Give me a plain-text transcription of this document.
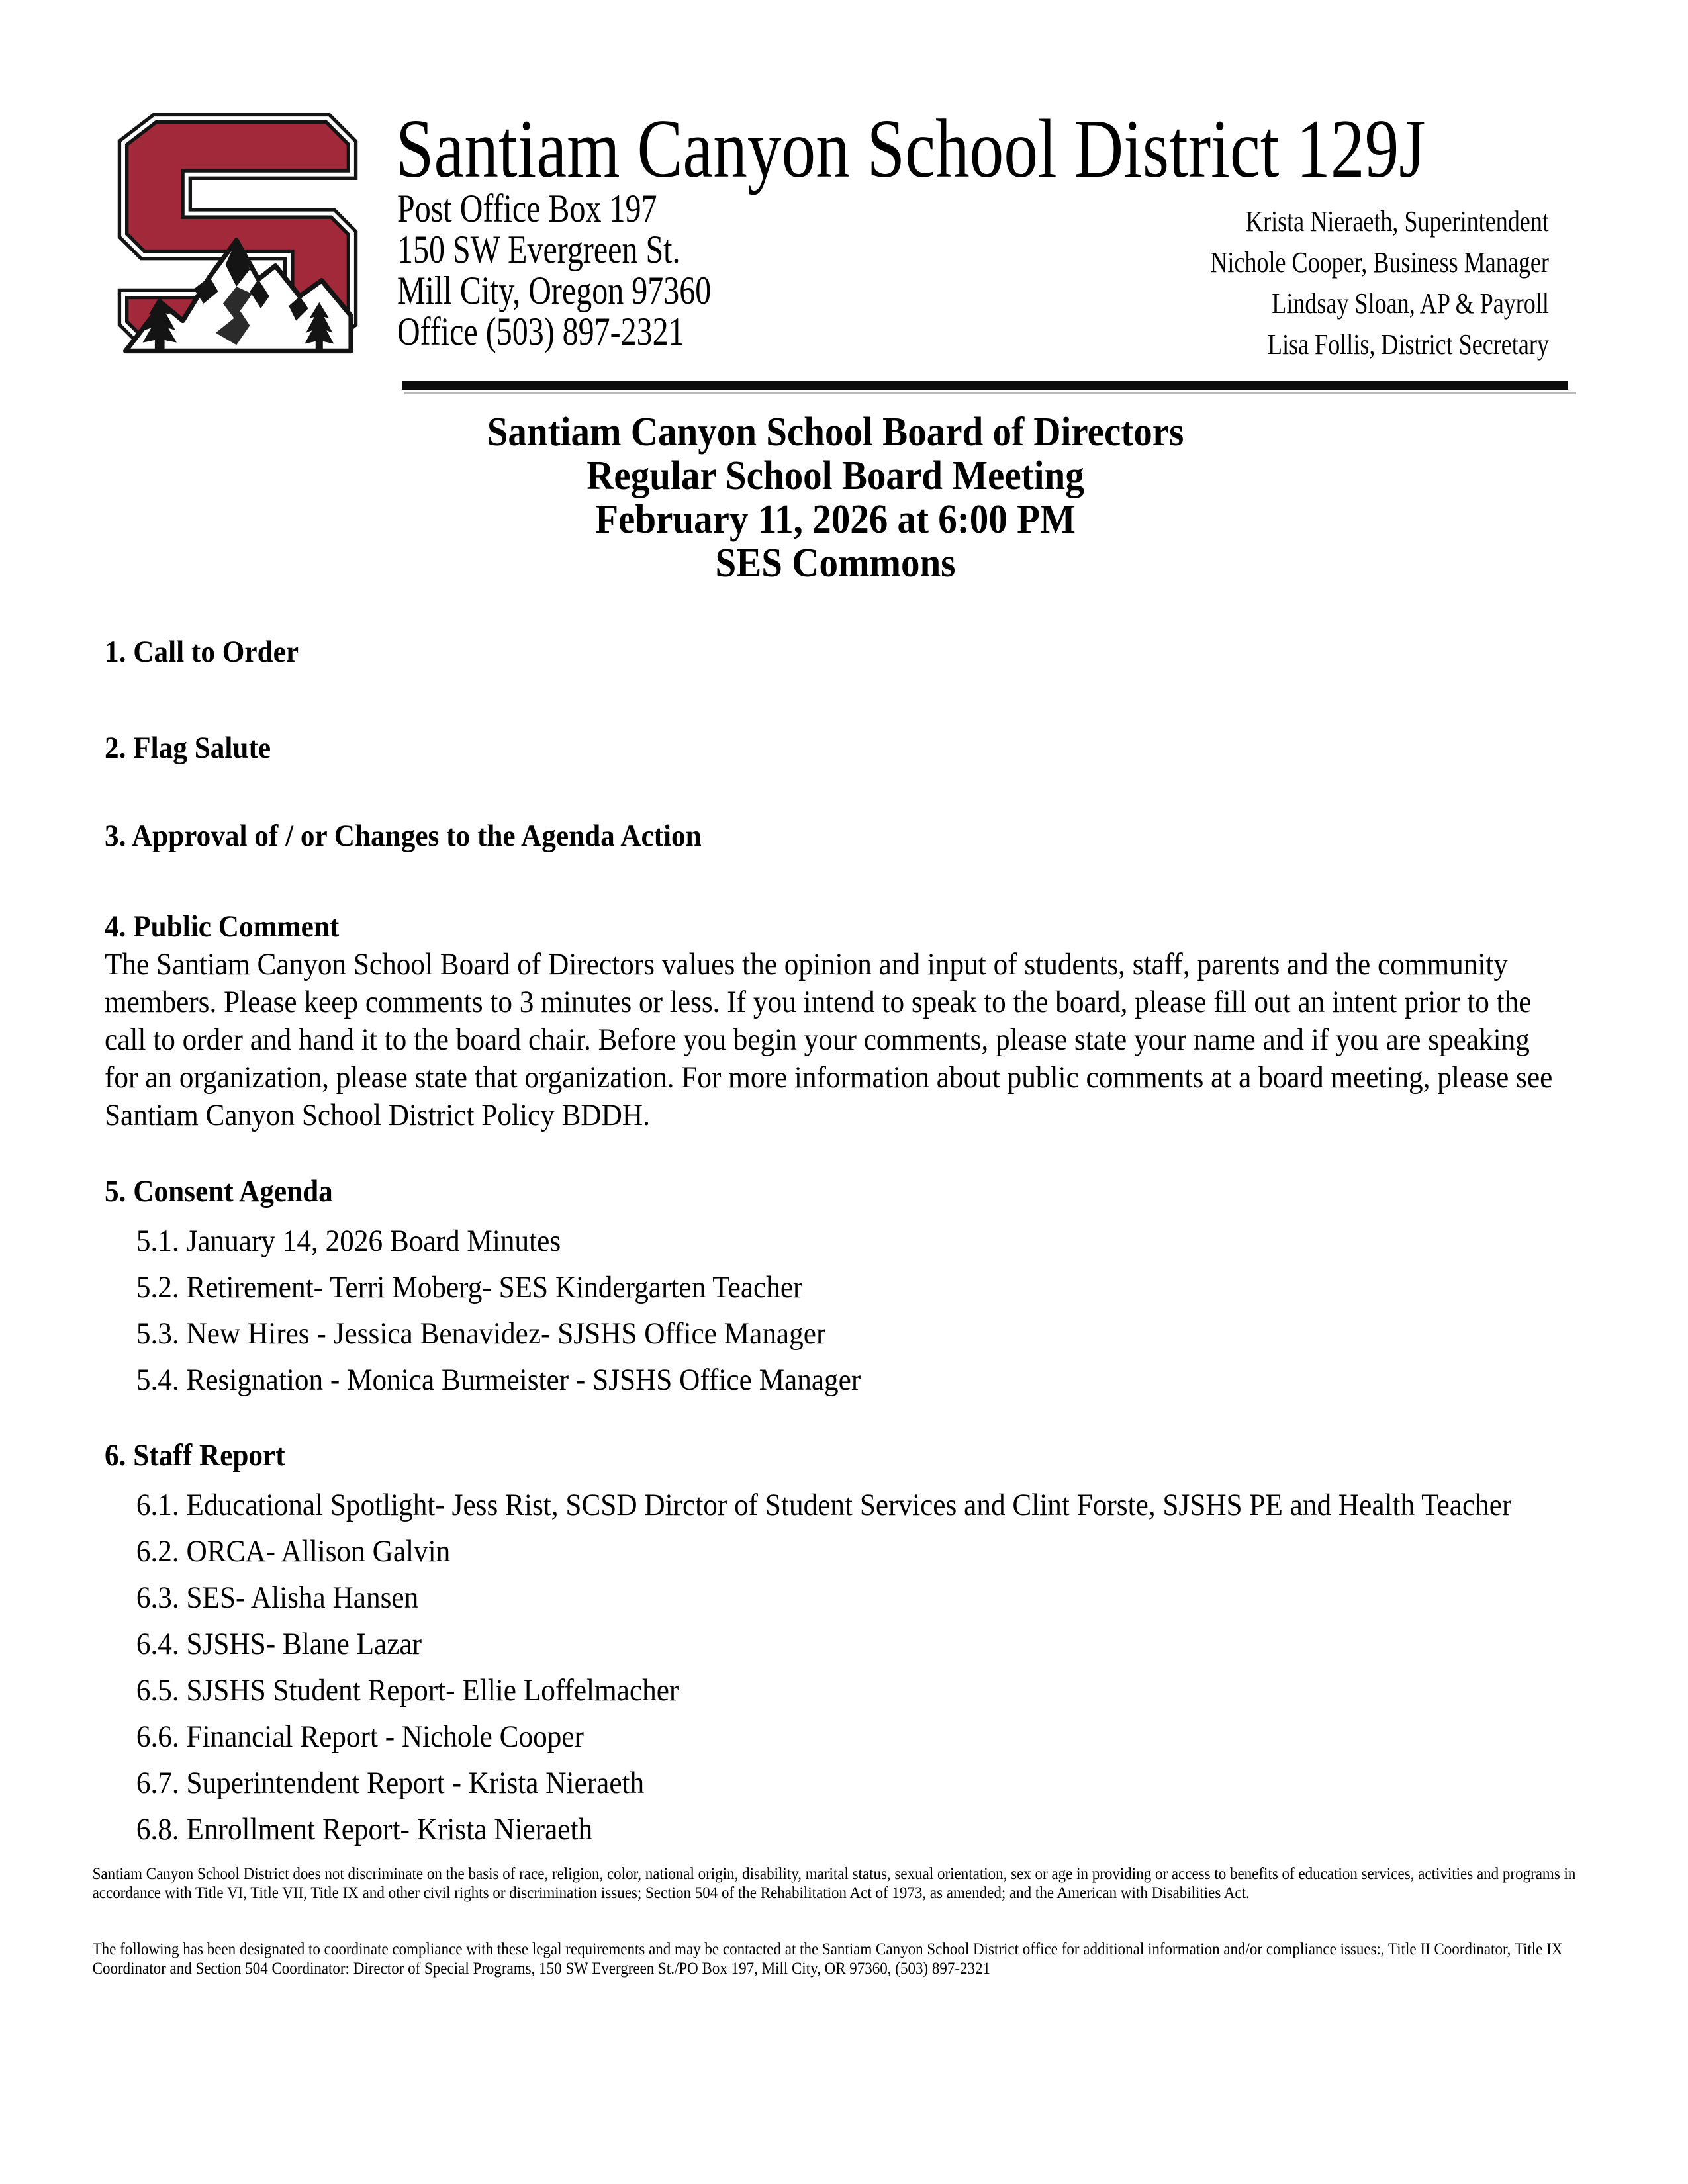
Santiam Canyon School District 129J
Post Office Box 197
150 SW Evergreen St.
Mill City, Oregon 97360
Office (503) 897-2321
Krista Nieraeth, Superintendent
Nichole Cooper, Business Manager
Lindsay Sloan, AP & Payroll
Lisa Follis, District Secretary
Santiam Canyon School Board of Directors
Regular School Board Meeting
February 11, 2026 at 6:00 PM
SES Commons
1. Call to Order
2. Flag Salute
3. Approval of / or Changes to the Agenda Action
4. Public Comment

The Santiam Canyon School Board of Directors values the opinion and input of students, staff, parents and the community members. Please keep comments to 3 minutes or less. If you intend to speak to the board, please fill out an intent prior to the call to order and hand it to the board chair. Before you begin your comments, please state your name and if you are speaking for an organization, please state that organization. For more information about public comments at a board meeting, please see Santiam Canyon School District Policy BDDH.

5. Consent Agenda
5.1. January 14, 2026 Board Minutes
5.2. Retirement- Terri Moberg- SES Kindergarten Teacher
5.3. New Hires - Jessica Benavidez- SJSHS Office Manager
5.4. Resignation - Monica Burmeister - SJSHS Office Manager
6. Staff Report
6.1. Educational Spotlight- Jess Rist, SCSD Dirctor of Student Services and Clint Forste, SJSHS PE and Health Teacher
6.2. ORCA- Allison Galvin
6.3. SES- Alisha Hansen
6.4. SJSHS- Blane Lazar
6.5. SJSHS Student Report- Ellie Loffelmacher
6.6. Financial Report - Nichole Cooper
6.7. Superintendent Report - Krista Nieraeth
6.8. Enrollment Report- Krista Nieraeth

Santiam Canyon School District does not discriminate on the basis of race, religion, color, national origin, disability, marital status, sexual orientation, sex or age in providing or access to benefits of education services, activities and programs in accordance with Title VI, Title VII, Title IX and other civil rights or discrimination issues; Section 504 of the Rehabilitation Act of 1973, as amended; and the American with Disabilities Act.

The following has been designated to coordinate compliance with these legal requirements and may be contacted at the Santiam Canyon School District office for additional information and/or compliance issues:, Title II Coordinator, Title IX Coordinator and Section 504 Coordinator: Director of Special Programs, 150 SW Evergreen St./PO Box 197, Mill City, OR 97360, (503) 897-2321
